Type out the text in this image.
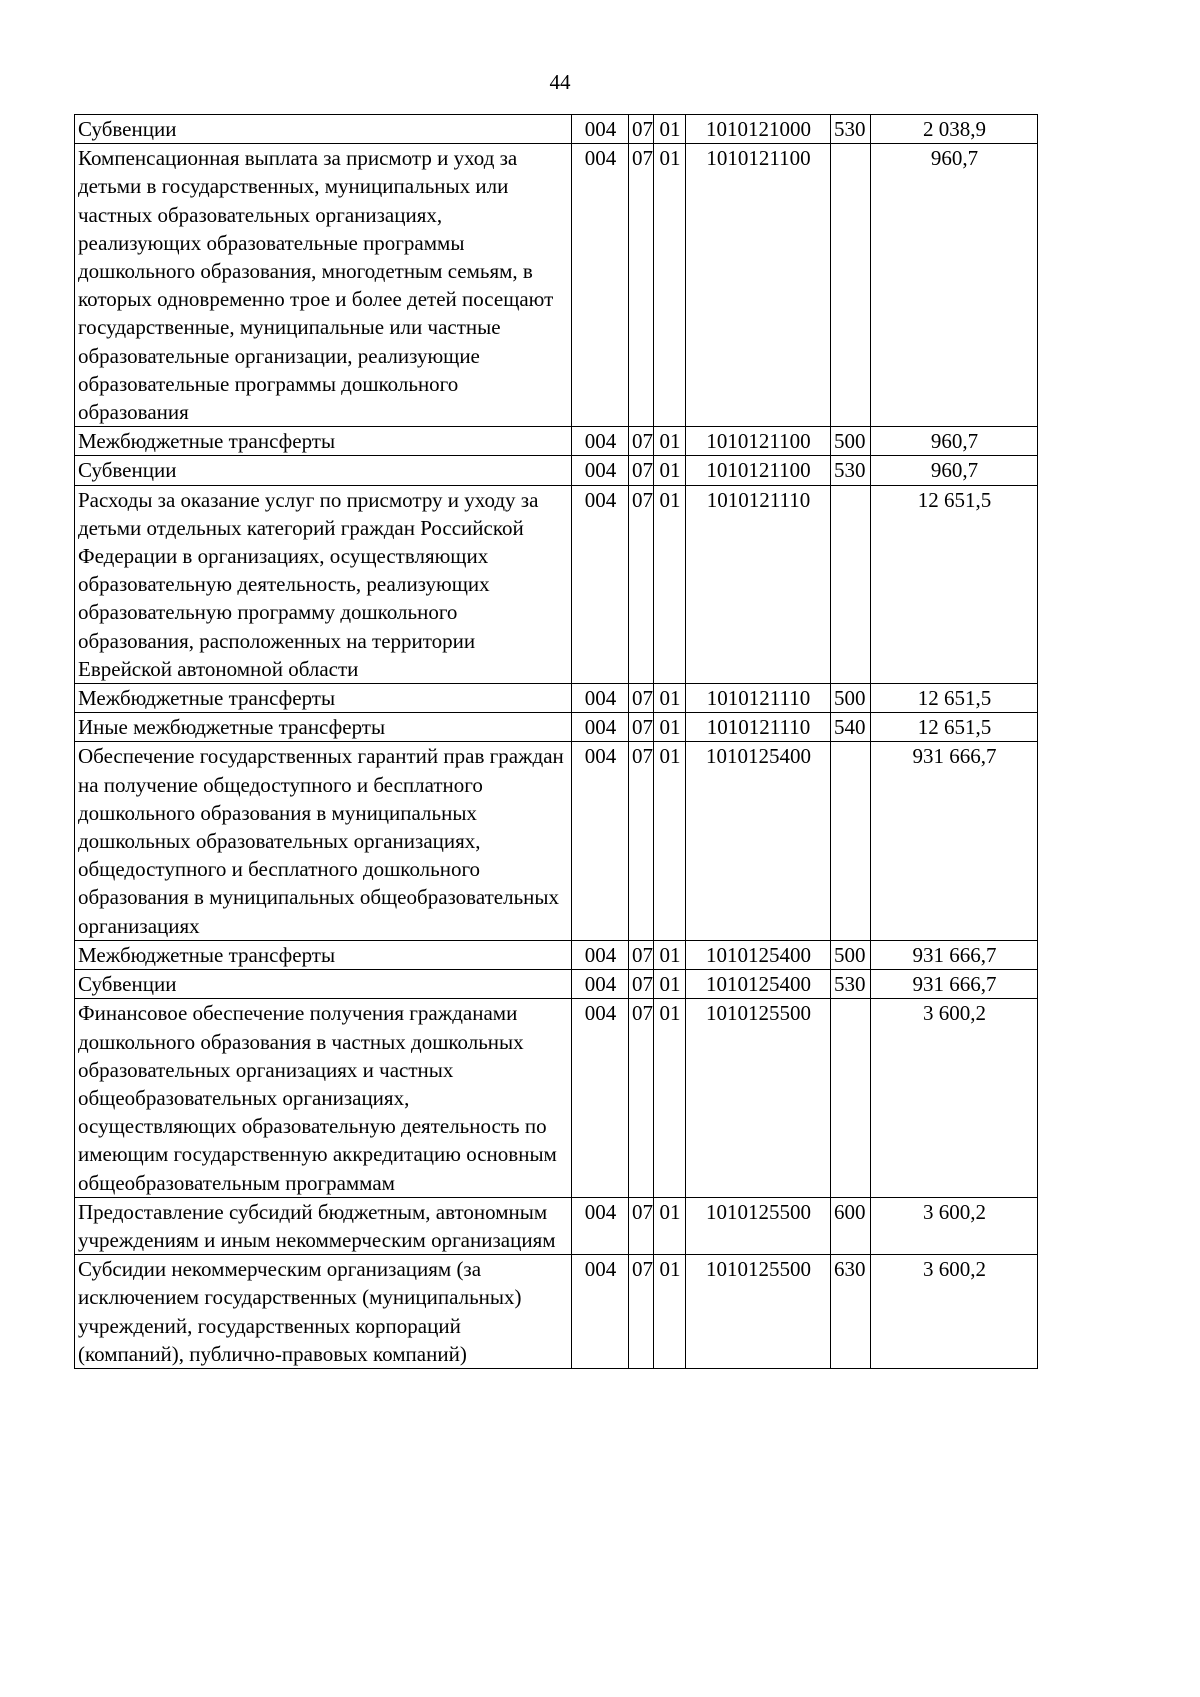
44
Субвенции	004	07	01	1010121000	530	2 038,9
Компенсационная выплата за присмотр и уход за детьми в государственных, муниципальных или частных образовательных организациях, реализующих образовательные программы дошкольного образования, многодетным семьям, в которых одновременно трое и более детей посещают государственные, муниципальные или частные образовательные организации, реализующие образовательные программы дошкольного образования	004	07	01	1010121100		960,7
Межбюджетные трансферты	004	07	01	1010121100	500	960,7
Субвенции	004	07	01	1010121100	530	960,7
Расходы за оказание услуг по присмотру и уходу за детьми отдельных категорий граждан Российской Федерации в организациях, осуществляющих образовательную деятельность, реализующих образовательную программу дошкольного образования, расположенных на территории Еврейской автономной области	004	07	01	1010121110		12 651,5
Межбюджетные трансферты	004	07	01	1010121110	500	12 651,5
Иные межбюджетные трансферты	004	07	01	1010121110	540	12 651,5
Обеспечение государственных гарантий прав граждан на получение общедоступного и бесплатного дошкольного образования в муниципальных дошкольных образовательных организациях, общедоступного и бесплатного дошкольного образования в муниципальных общеобразовательных организациях	004	07	01	1010125400		931 666,7
Межбюджетные трансферты	004	07	01	1010125400	500	931 666,7
Субвенции	004	07	01	1010125400	530	931 666,7
Финансовое обеспечение получения гражданами дошкольного образования в частных дошкольных образовательных организациях и частных общеобразовательных организациях, осуществляющих образовательную деятельность по имеющим государственную аккредитацию основным общеобразовательным программам	004	07	01	1010125500		3 600,2
Предоставление субсидий бюджетным, автономным учреждениям и иным некоммерческим организациям	004	07	01	1010125500	600	3 600,2
Субсидии некоммерческим организациям (за исключением государственных (муниципальных) учреждений, государственных корпораций (компаний), публично-правовых компаний)	004	07	01	1010125500	630	3 600,2
